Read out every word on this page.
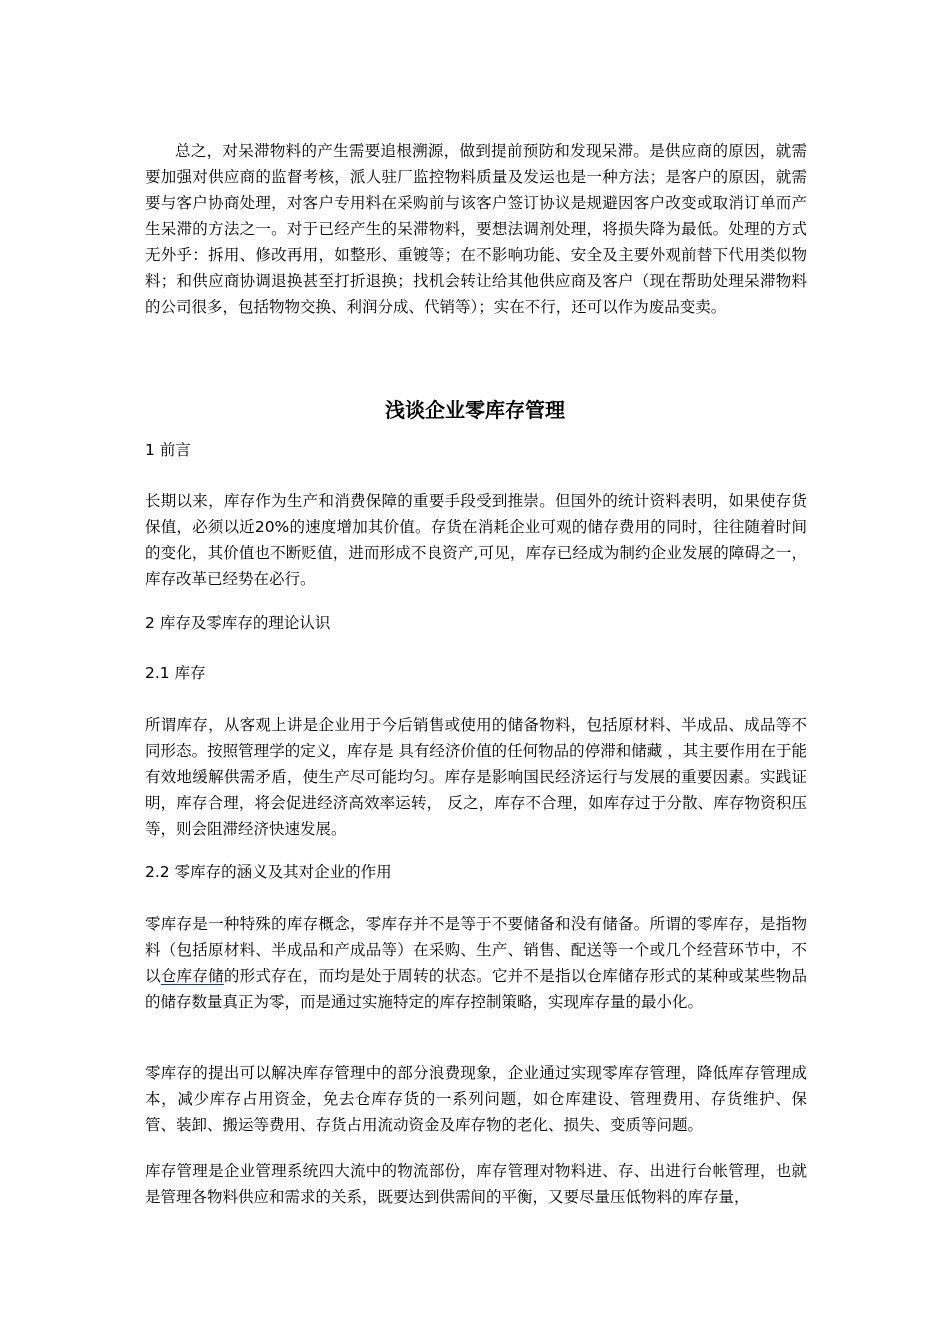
总之，对呆滞物料的产生需要追根溯源，做到提前预防和发现呆滞。是供应商的原因，就需要加强对供应商的监督考核，派人驻厂监控物料质量及发运也是一种方法；是客户的原因，就需要与客户协商处理，对客户专用料在采购前与该客户签订协议是规避因客户改变或取消订单而产生呆滞的方法之一。对于已经产生的呆滞物料，要想法调剂处理，将损失降为最低。处理的方式无外乎：拆用、修改再用，如整形、重镀等；在不影响功能、安全及主要外观前替下代用类似物料；和供应商协调退换甚至打折退换；找机会转让给其他供应商及客户（现在帮助处理呆滞物料的公司很多，包括物物交换、利润分成、代销等）；实在不行，还可以作为废品变卖。

浅谈企业零库存管理

1 前言

长期以来，库存作为生产和消费保障的重要手段受到推崇。但国外的统计资料表明，如果使存货保值，必须以近20%的速度增加其价值。存货在消耗企业可观的储存费用的同时，往往随着时间的变化，其价值也不断贬值，进而形成不良资产,可见，库存已经成为制约企业发展的障碍之一，库存改革已经势在必行。

2 库存及零库存的理论认识

2.1 库存

所谓库存，从客观上讲是企业用于今后销售或使用的储备物料，包括原材料、半成品、成品等不同形态。按照管理学的定义，库存是 具有经济价值的任何物品的停滞和储藏 ，其主要作用在于能有效地缓解供需矛盾，使生产尽可能均匀。库存是影响国民经济运行与发展的重要因素。实践证明，库存合理，将会促进经济高效率运转， 反之，库存不合理，如库存过于分散、库存物资积压等，则会阻滞经济快速发展。

2.2 零库存的涵义及其对企业的作用

零库存是一种特殊的库存概念，零库存并不是等于不要储备和没有储备。所谓的零库存，是指物料（包括原材料、半成品和产成品等）在采购、生产、销售、配送等一个或几个经营环节中，不以仓库存储的形式存在，而均是处于周转的状态。它并不是指以仓库储存形式的某种或某些物品的储存数量真正为零，而是通过实施特定的库存控制策略，实现库存量的最小化。

零库存的提出可以解决库存管理中的部分浪费现象，企业通过实现零库存管理，降低库存管理成本，减少库存占用资金，免去仓库存货的一系列问题，如仓库建设、管理费用、存货维护、保管、装卸、搬运等费用、存货占用流动资金及库存物的老化、损失、变质等问题。

库存管理是企业管理系统四大流中的物流部份，库存管理对物料进、存、出进行台帐管理，也就是管理各物料供应和需求的关系，既要达到供需间的平衡，又要尽量压低物料的库存量，
